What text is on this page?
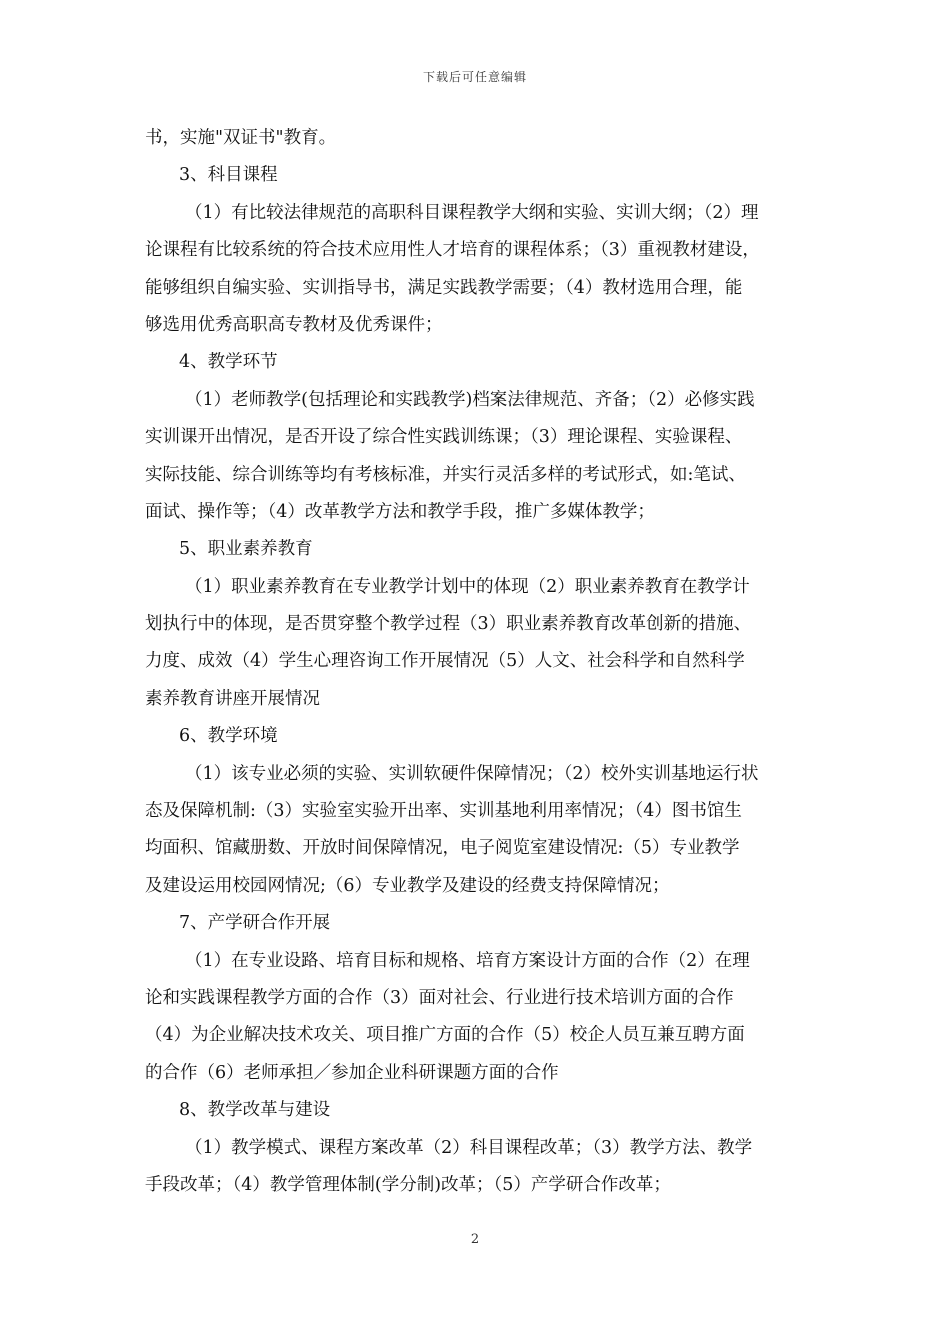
下载后可任意编辑
书，实施"双证书"教育。
3、科目课程
（1）有比较法律规范的高职科目课程教学大纲和实验、实训大纲；（2）理
论课程有比较系统的符合技术应用性人才培育的课程体系；（3）重视教材建设，
能够组织自编实验、实训指导书，满足实践教学需要；（4）教材选用合理，能
够选用优秀高职高专教材及优秀课件；
4、教学环节
（1）老师教学(包括理论和实践教学)档案法律规范、齐备；（2）必修实践
实训课开出情况，是否开设了综合性实践训练课；（3）理论课程、实验课程、
实际技能、综合训练等均有考核标准，并实行灵活多样的考试形式，如:笔试、
面试、操作等；（4）改革教学方法和教学手段，推广多媒体教学；
5、职业素养教育
（1）职业素养教育在专业教学计划中的体现（2）职业素养教育在教学计
划执行中的体现，是否贯穿整个教学过程（3）职业素养教育改革创新的措施、
力度、成效（4）学生心理咨询工作开展情况（5）人文、社会科学和自然科学
素养教育讲座开展情况
6、教学环境
（1）该专业必须的实验、实训软硬件保障情况；（2）校外实训基地运行状
态及保障机制:（3）实验室实验开出率、实训基地利用率情况；（4）图书馆生
均面积、馆藏册数、开放时间保障情况，电子阅览室建设情况:（5）专业教学
及建设运用校园网情况;（6）专业教学及建设的经费支持保障情况；
7、产学研合作开展
（1）在专业设路、培育目标和规格、培育方案设计方面的合作（2）在理
论和实践课程教学方面的合作（3）面对社会、行业进行技术培训方面的合作
（4）为企业解决技术攻关、项目推广方面的合作（5）校企人员互兼互聘方面
的合作（6）老师承担／参加企业科研课题方面的合作
8、教学改革与建设
（1）教学模式、课程方案改革（2）科目课程改革；（3）教学方法、教学
手段改革；（4）教学管理体制(学分制)改革；（5）产学研合作改革；
2
